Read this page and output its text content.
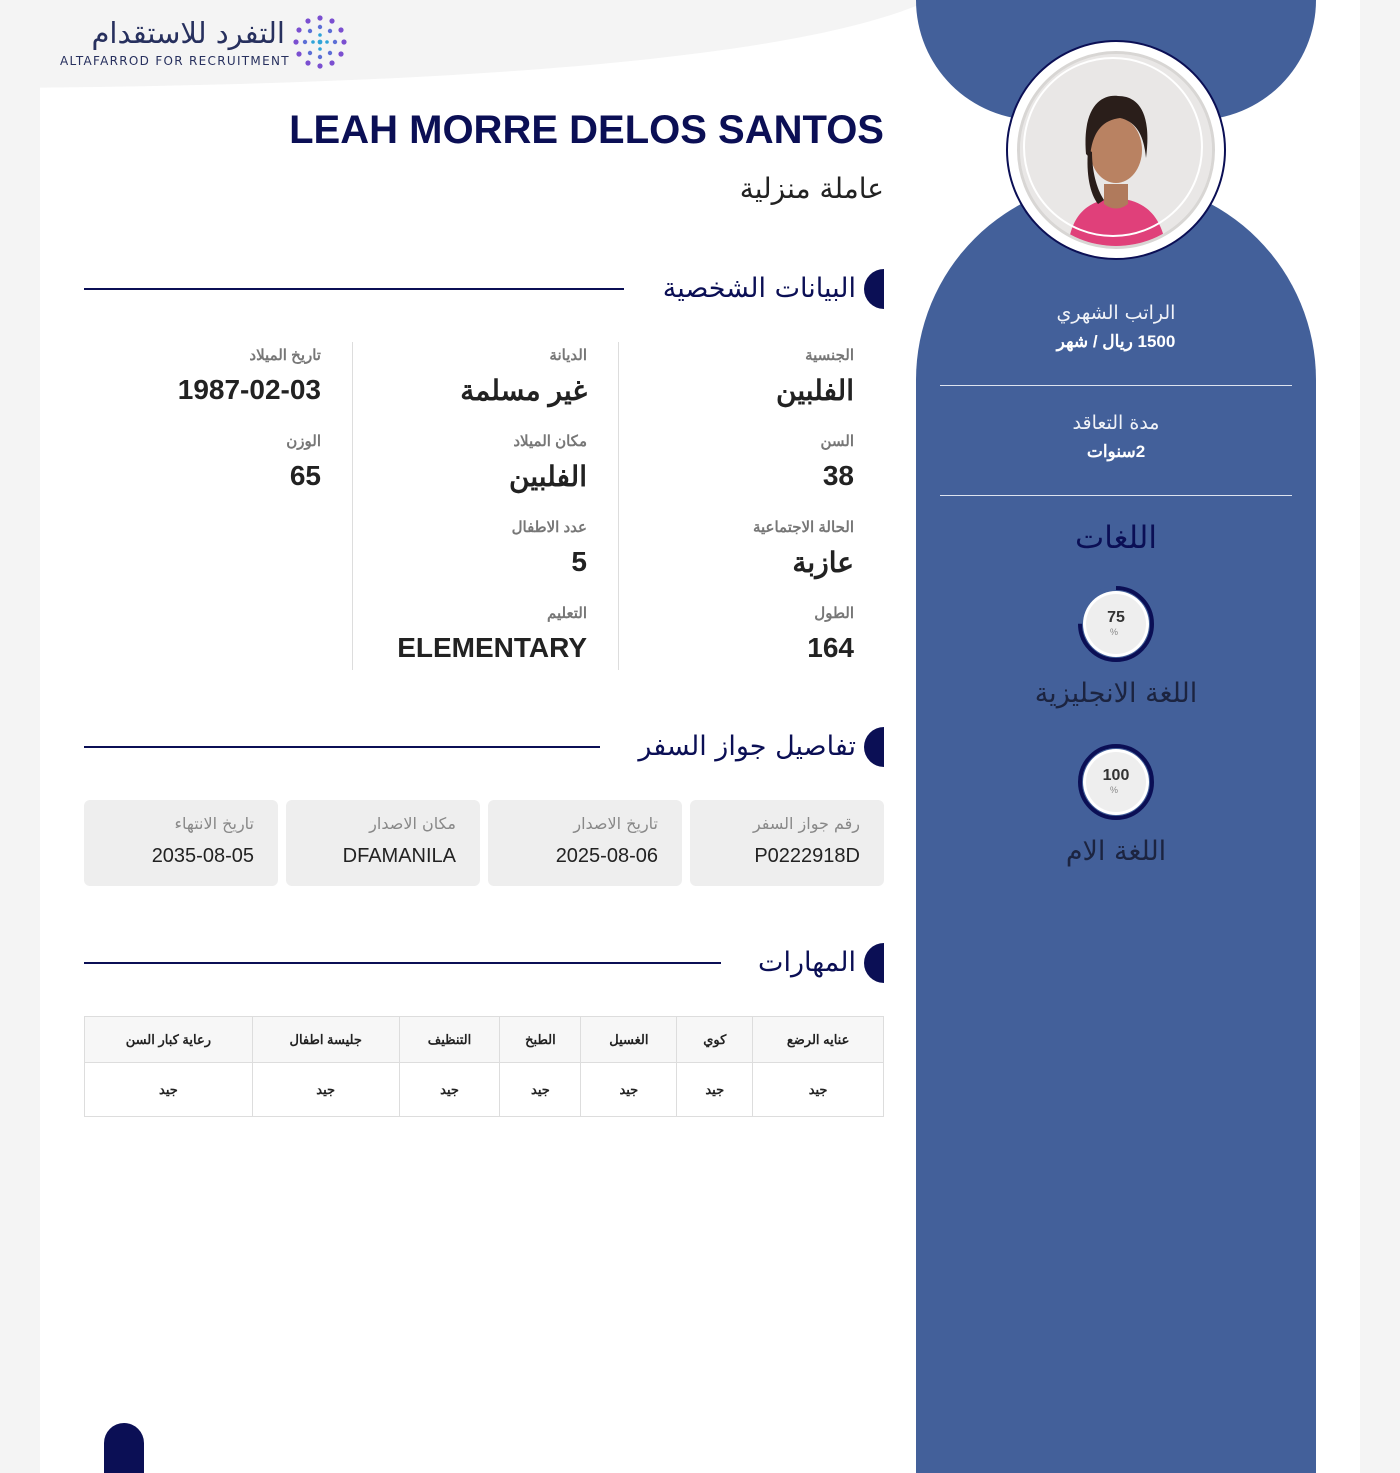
التفرد للاستقدام
ALTAFARROD FOR RECRUITMENT
الراتب الشهري
1500 ريال / شهر
مدة التعاقد
2سنوات
اللغات
75
%
اللغة الانجليزية
100
%
اللغة الام
LEAH MORRE DELOS SANTOS
عاملة منزلية
البيانات الشخصية
الجنسية
الفلبين
السن
38
الحالة الاجتماعية
عازبة
الطول
164
الديانة
غير مسلمة
مكان الميلاد
الفلبين
عدد الاطفال
5
التعليم
ELEMENTARY
تاريخ الميلاد
1987-02-03
الوزن
65
تفاصيل جواز السفر
رقم جواز السفر
P0222918D
تاريخ الاصدار
2025-08-06
مكان الاصدار
DFAMANILA
تاريخ الانتهاء
2035-08-05
المهارات
عنايه الرضع	كوي	الغسيل	الطبخ	التنظيف	جليسة اطفال	رعاية كبار السن
جيد	جيد	جيد	جيد	جيد	جيد	جيد
